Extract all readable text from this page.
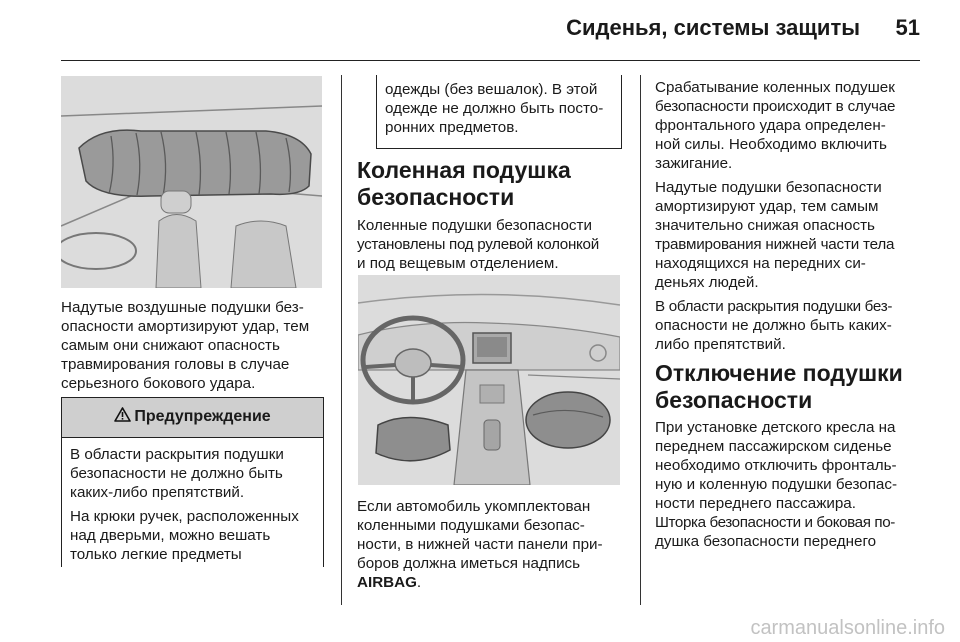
Сиденья, системы защиты	51
Надутые воздушные подушки без-
опасности амортизируют удар, тем
самым они снижают опасность
травмирования головы в случае
серьезного бокового удара.
Предупреждение
В области раскрытия подушки
безопасности не должно быть
каких-либо препятствий.
На крюки ручек, расположенных
над дверьми, можно вешать
только легкие предметы
одежды (без вешалок). В этой
одежде не должно быть посто-
ронних предметов.
Коленная подушка
безопасности
Коленные подушки безопасности
установлены под рулевой колонкой
и под вещевым отделением.
Если автомобиль укомплектован
коленными подушками безопас-
ности, в нижней части панели при-
боров должна иметься надпись
AIRBAG.
Срабатывание коленных подушек
безопасности происходит в случае
фронтального удара определен-
ной силы. Необходимо включить
зажигание.
Надутые подушки безопасности
амортизируют удар, тем самым
значительно снижая опасность
травмирования нижней части тела
находящихся на передних си-
деньях людей.
В области раскрытия подушки без-
опасности не должно быть каких-
либо препятствий.
Отключение подушки
безопасности
При установке детского кресла на
переднем пассажирском сиденье
необходимо отключить фронталь-
ную и коленную подушки безопас-
ности переднего пассажира.
Шторка безопасности и боковая по-
душка безопасности переднего
carmanualsonline.info
